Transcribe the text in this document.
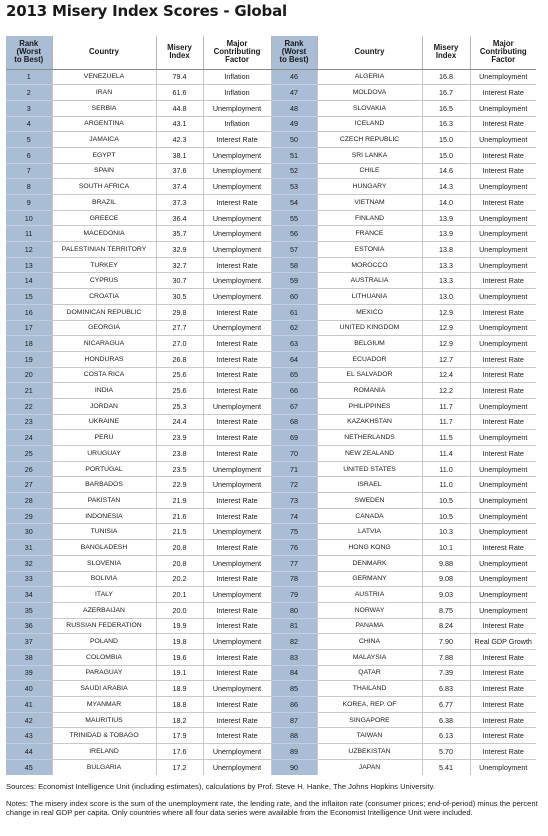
2013 Misery Index Scores - Global
Rank
(Worst
to Best)	Country	Misery
Index	Major
Contributing
Factor	Rank
(Worst
to Best)	Country	Misery
Index	Major
Contributing
Factor

1	VENEZUELA	79.4	Inflation	46	ALGERIA	16.8	Unemployment
2	IRAN	61.6	Inflation	47	MOLDOVA	16.7	Interest Rate
3	SERBIA	44.8	Unemployment	48	SLOVAKIA	16.5	Unemployment
4	ARGENTINA	43.1	Inflation	49	ICELAND	16.3	Interest Rate
5	JAMAICA	42.3	Interest Rate	50	CZECH REPUBLIC	15.0	Unemployment
6	EGYPT	38.1	Unemployment	51	SRI LANKA	15.0	Interest Rate
7	SPAIN	37.6	Unemployment	52	CHILE	14.6	Interest Rate
8	SOUTH AFRICA	37.4	Unemployment	53	HUNGARY	14.3	Unemployment
9	BRAZIL	37.3	Interest Rate	54	VIETNAM	14.0	Interest Rate
10	GREECE	36.4	Unemployment	55	FINLAND	13.9	Unemployment
11	MACEDONIA	35.7	Unemployment	56	FRANCE	13.9	Unemployment
12	PALESTINIAN TERRITORY	32.9	Unemployment	57	ESTONIA	13.8	Unemployment
13	TURKEY	32.7	Interest Rate	58	MOROCCO	13.3	Unemployment
14	CYPRUS	30.7	Unemployment	59	AUSTRALIA	13.3	Interest Rate
15	CROATIA	30.5	Unemployment	60	LITHUANIA	13.0	Unemployment
16	DOMINICAN REPUBLIC	29.8	Interest Rate	61	MEXICO	12.9	Interest Rate
17	GEORGIA	27.7	Unemployment	62	UNITED KINGDOM	12.9	Unemployment
18	NICARAGUA	27.0	Interest Rate	63	BELGIUM	12.9	Unemployment
19	HONDURAS	26.8	Interest Rate	64	ECUADOR	12.7	Interest Rate
20	COSTA RICA	25.6	Interest Rate	65	EL SALVADOR	12.4	Interest Rate
21	INDIA	25.6	Interest Rate	66	ROMANIA	12.2	Interest Rate
22	JORDAN	25.3	Unemployment	67	PHILIPPINES	11.7	Unemployment
23	UKRAINE	24.4	Interest Rate	68	KAZAKHSTAN	11.7	Interest Rate
24	PERU	23.9	Interest Rate	69	NETHERLANDS	11.5	Unemployment
25	URUGUAY	23.8	Interest Rate	70	NEW ZEALAND	11.4	Interest Rate
26	PORTUGAL	23.5	Unemployment	71	UNITED STATES	11.0	Unemployment
27	BARBADOS	22.9	Unemployment	72	ISRAEL	11.0	Unemployment
28	PAKISTAN	21.9	Interest Rate	73	SWEDEN	10.5	Unemployment
29	INDONESIA	21.6	Interest Rate	74	CANADA	10.5	Unemployment
30	TUNISIA	21.5	Unemployment	75	LATVIA	10.3	Unemployment
31	BANGLADESH	20.8	Interest Rate	76	HONG KONG	10.1	Interest Rate
32	SLOVENIA	20.8	Unemployment	77	DENMARK	9.88	Unemployment
33	BOLIVIA	20.2	Interest Rate	78	GERMANY	9.08	Unemployment
34	ITALY	20.1	Unemployment	79	AUSTRIA	9.03	Unemployment
35	AZERBAIJAN	20.0	Interest Rate	80	NORWAY	8.75	Unemployment
36	RUSSIAN FEDERATION	19.9	Interest Rate	81	PANAMA	8.24	Interest Rate
37	POLAND	19.8	Unemployment	82	CHINA	7.90	Real GDP Growth
38	COLOMBIA	19.6	Interest Rate	83	MALAYSIA	7.88	Interest Rate
39	PARAGUAY	19.1	Interest Rate	84	QATAR	7.39	Interest Rate
40	SAUDI ARABIA	18.9	Unemployment	85	THAILAND	6.83	Interest Rate
41	MYANMAR	18.8	Interest Rate	86	KOREA, REP. OF	6.77	Interest Rate
42	MAURITIUS	18.2	Interest Rate	87	SINGAPORE	6.38	Interest Rate
43	TRINIDAD & TOBAGO	17.9	Interest Rate	88	TAIWAN	6.13	Interest Rate
44	IRELAND	17.6	Unemployment	89	UZBEKISTAN	5.70	Interest Rate
45	BULGARIA	17.2	Unemployment	90	JAPAN	5.41	Unemployment
Sources: Economist Intelligence Unit (including estimates), calculations by Prof. Steve H. Hanke, The Johns Hopkins University.
Notes: The misery index score is the sum of the unemployment rate, the lending rate, and the inflaiton rate (consumer prices; end-of-period) minus the percent change in real GDP per capita. Only countries where all four data series were available from the Economist Intelligence Unit were included.
